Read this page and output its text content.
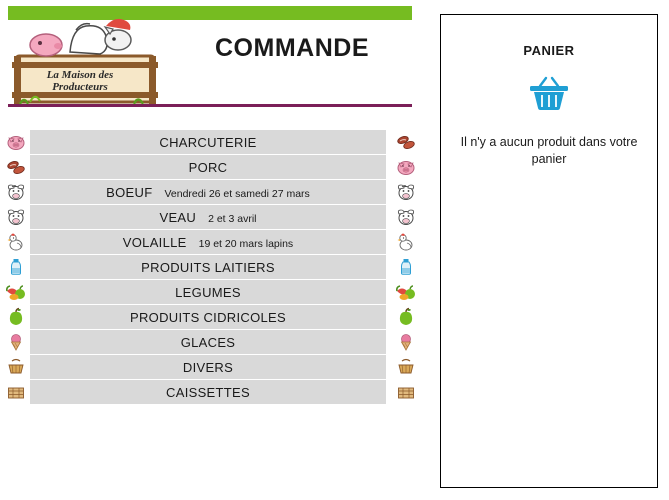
La Maison des
Producteurs
COMMANDE
CHARCUTERIE
PORC
BOEUF Vendredi 26 et samedi 27 mars
VEAU 2 et 3 avril
VOLAILLE 19 et 20 mars lapins
PRODUITS LAITIERS
LEGUMES
PRODUITS CIDRICOLES
GLACES
DIVERS
CAISSETTES
PANIER
Il n'y a aucun produit dans votre panier
